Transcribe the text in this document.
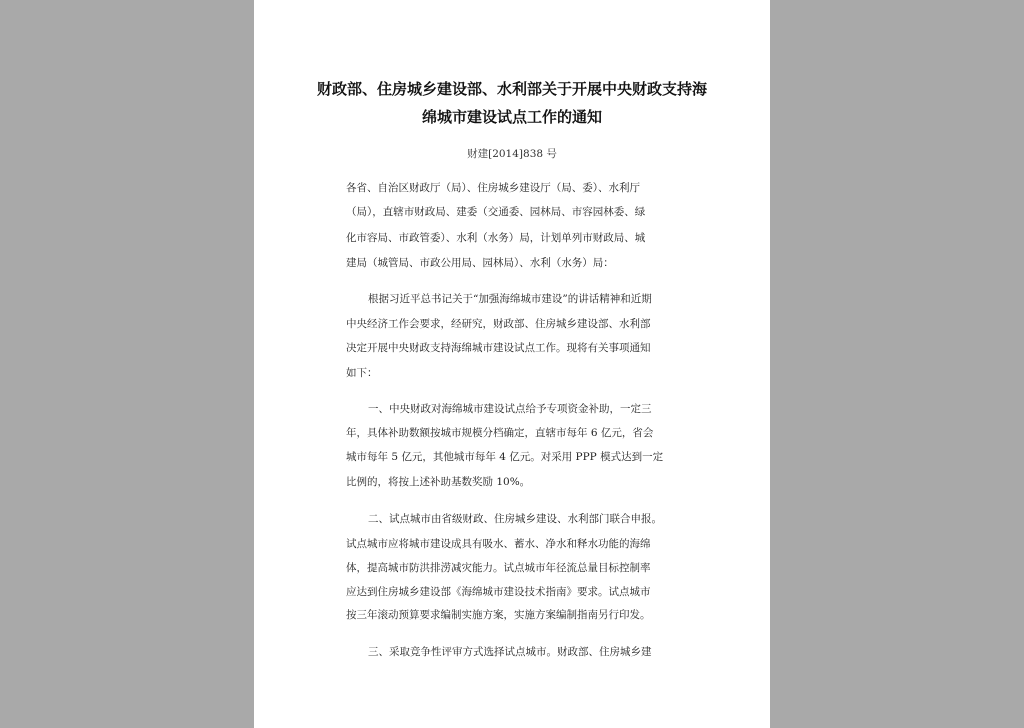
财政部、住房城乡建设部、水利部关于开展中央财政支持海
绵城市建设试点工作的通知
财建[2014]838 号
各省、自治区财政厅（局）、住房城乡建设厅（局、委）、水利厅
（局），直辖市财政局、建委（交通委、园林局、市容园林委、绿
化市容局、市政管委）、水利（水务）局，计划单列市财政局、城
建局（城管局、市政公用局、园林局）、水利（水务）局：
根据习近平总书记关于“加强海绵城市建设”的讲话精神和近期
中央经济工作会要求，经研究，财政部、住房城乡建设部、水利部
决定开展中央财政支持海绵城市建设试点工作。现将有关事项通知
如下：
一、中央财政对海绵城市建设试点给予专项资金补助，一定三
年，具体补助数额按城市规模分档确定，直辖市每年 6 亿元，省会
城市每年 5 亿元，其他城市每年 4 亿元。对采用 PPP 模式达到一定
比例的，将按上述补助基数奖励 10%。
二、试点城市由省级财政、住房城乡建设、水利部门联合申报。
试点城市应将城市建设成具有吸水、蓄水、净水和释水功能的海绵
体，提高城市防洪排涝减灾能力。试点城市年径流总量目标控制率
应达到住房城乡建设部《海绵城市建设技术指南》要求。试点城市
按三年滚动预算要求编制实施方案，实施方案编制指南另行印发。
三、采取竞争性评审方式选择试点城市。财政部、住房城乡建
